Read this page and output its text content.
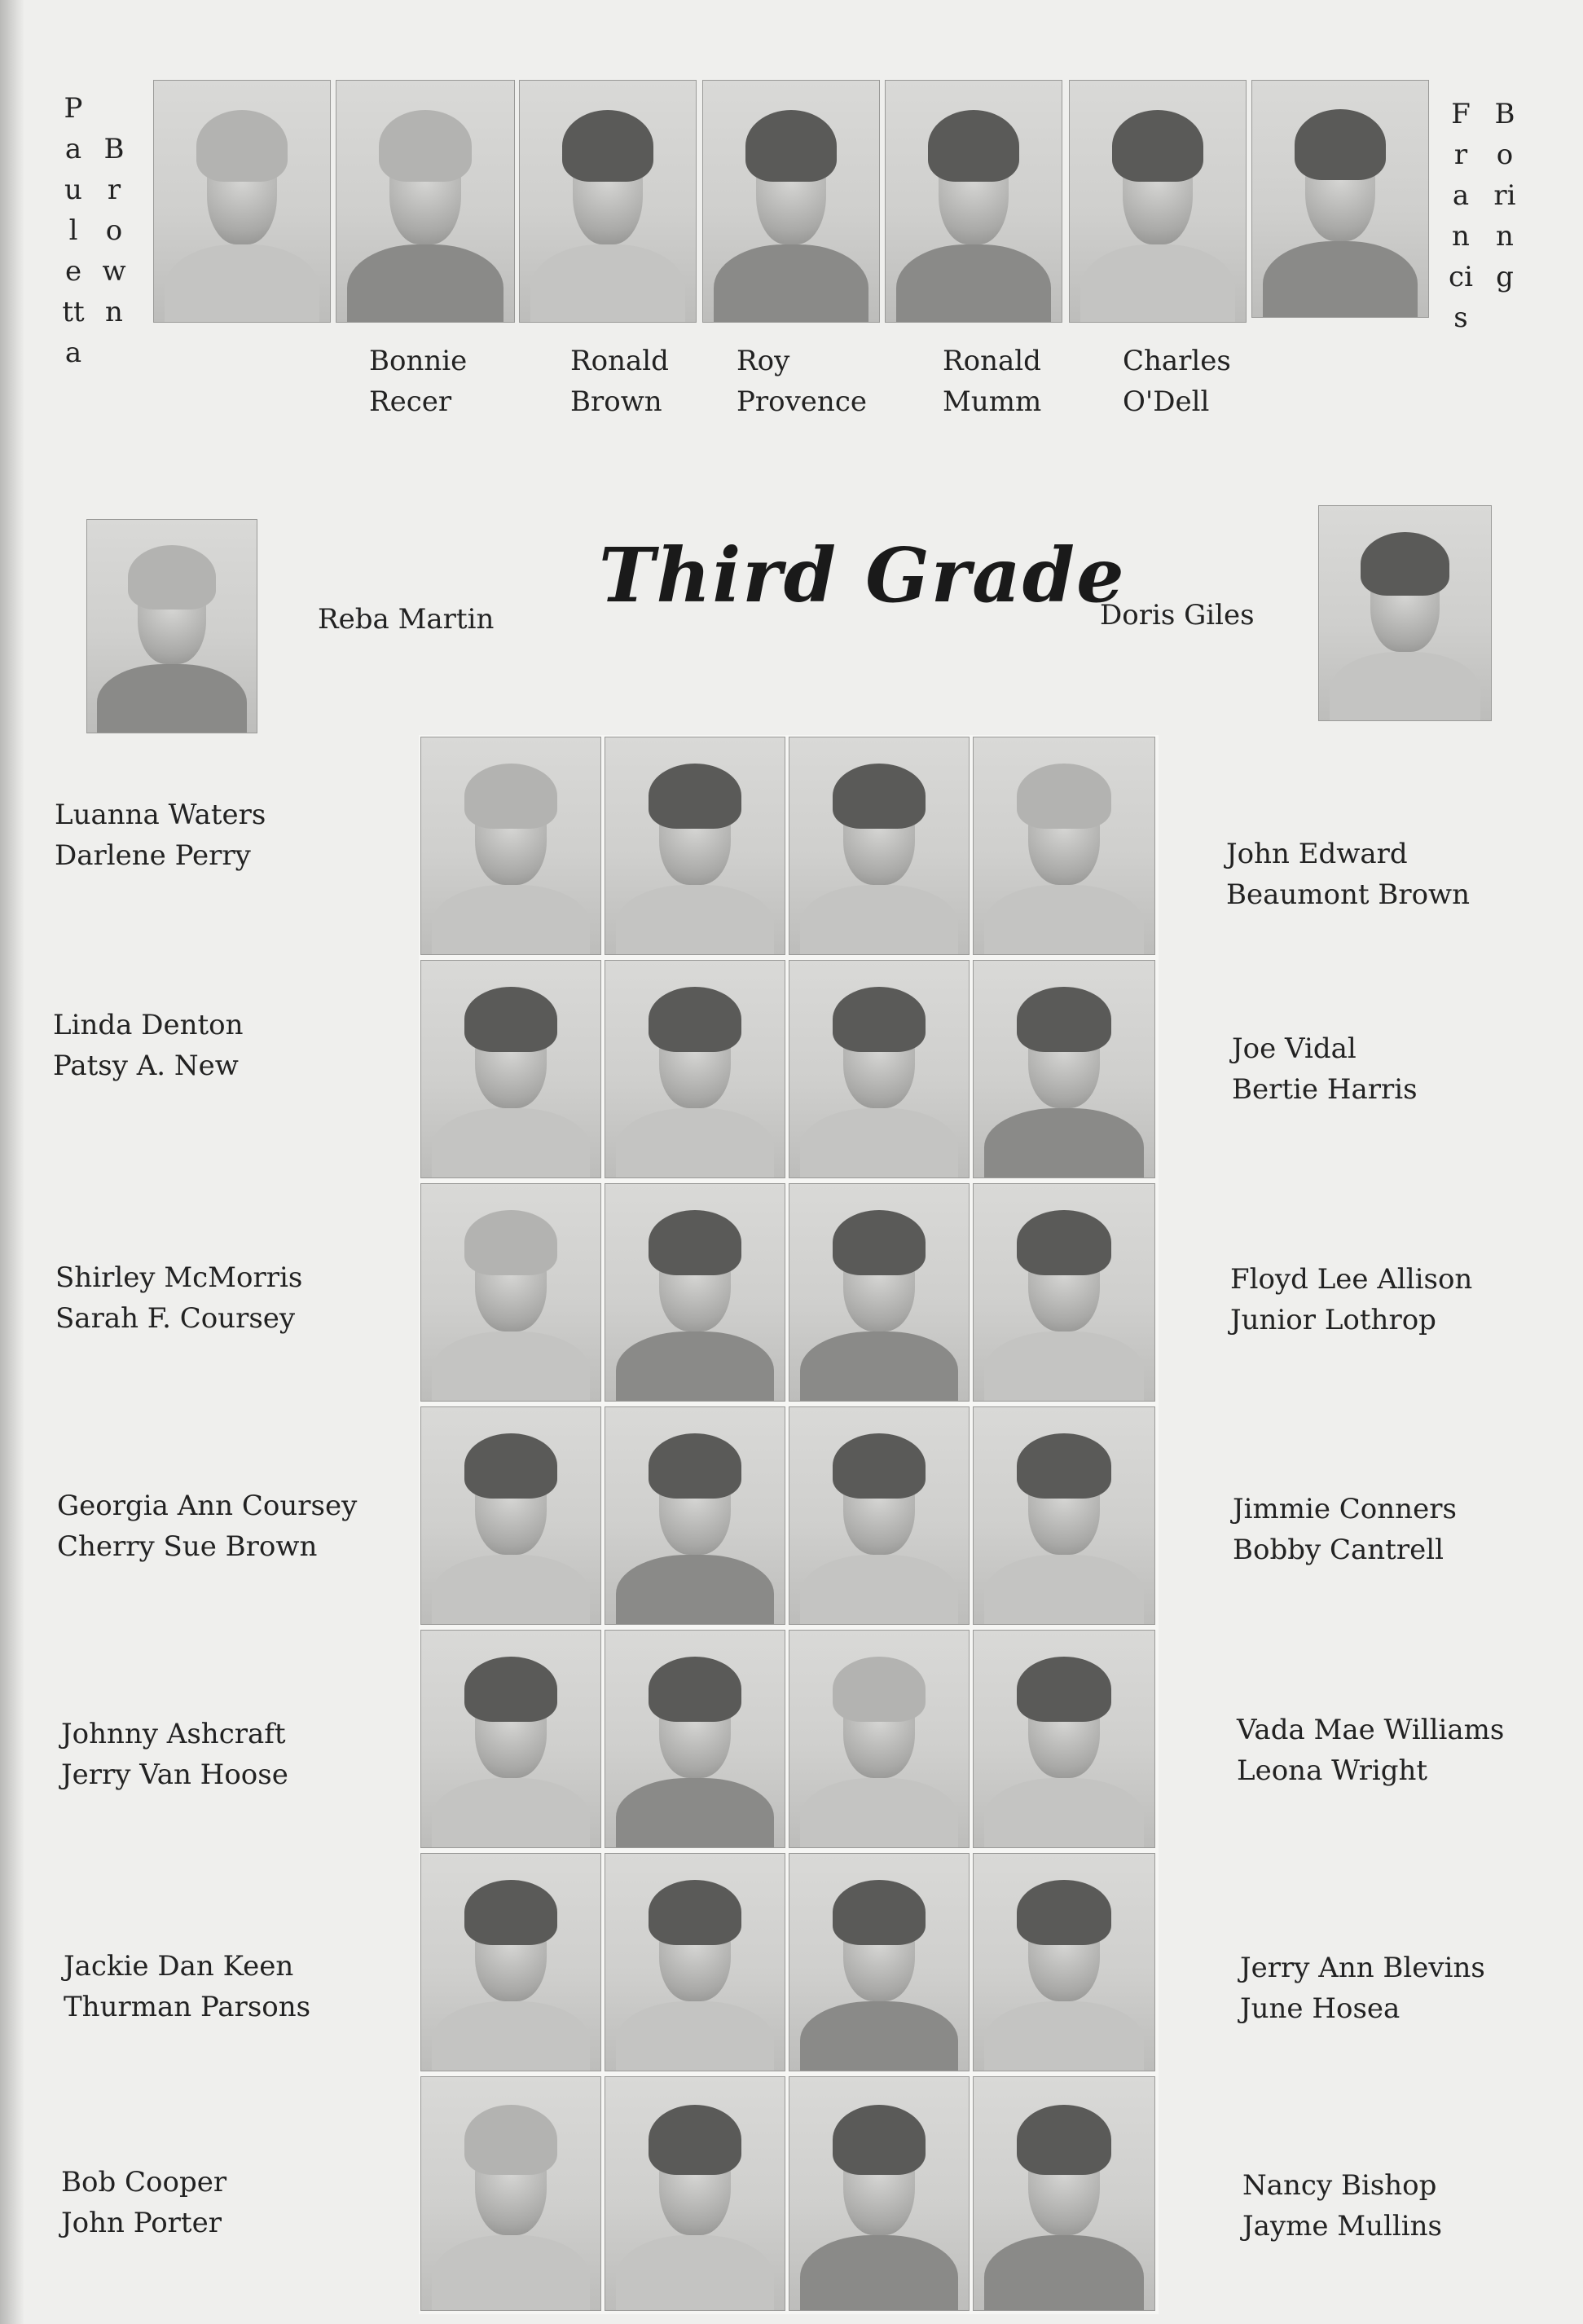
Pauletta
Brown
Francis
Boring
Bonnie
Recer
Ronald
Brown
Roy
Provence
Ronald
Mumm
Charles
O'Dell
Reba Martin Third Grade
Doris Giles
Luanna Waters
Darlene Perry
Linda Denton
Patsy A. New
Shirley McMorris
Sarah F. Coursey
Georgia Ann Coursey
Cherry Sue Brown
Johnny Ashcraft
Jerry Van Hoose
Jackie Dan Keen
Thurman Parsons
Bob Cooper
John Porter
John Edward
Beaumont Brown
Joe Vidal
Bertie Harris
Floyd Lee Allison
Junior Lothrop
Jimmie Conners
Bobby Cantrell
Vada Mae Williams
Leona Wright
Jerry Ann Blevins
June Hosea
Nancy Bishop
Jayme Mullins
